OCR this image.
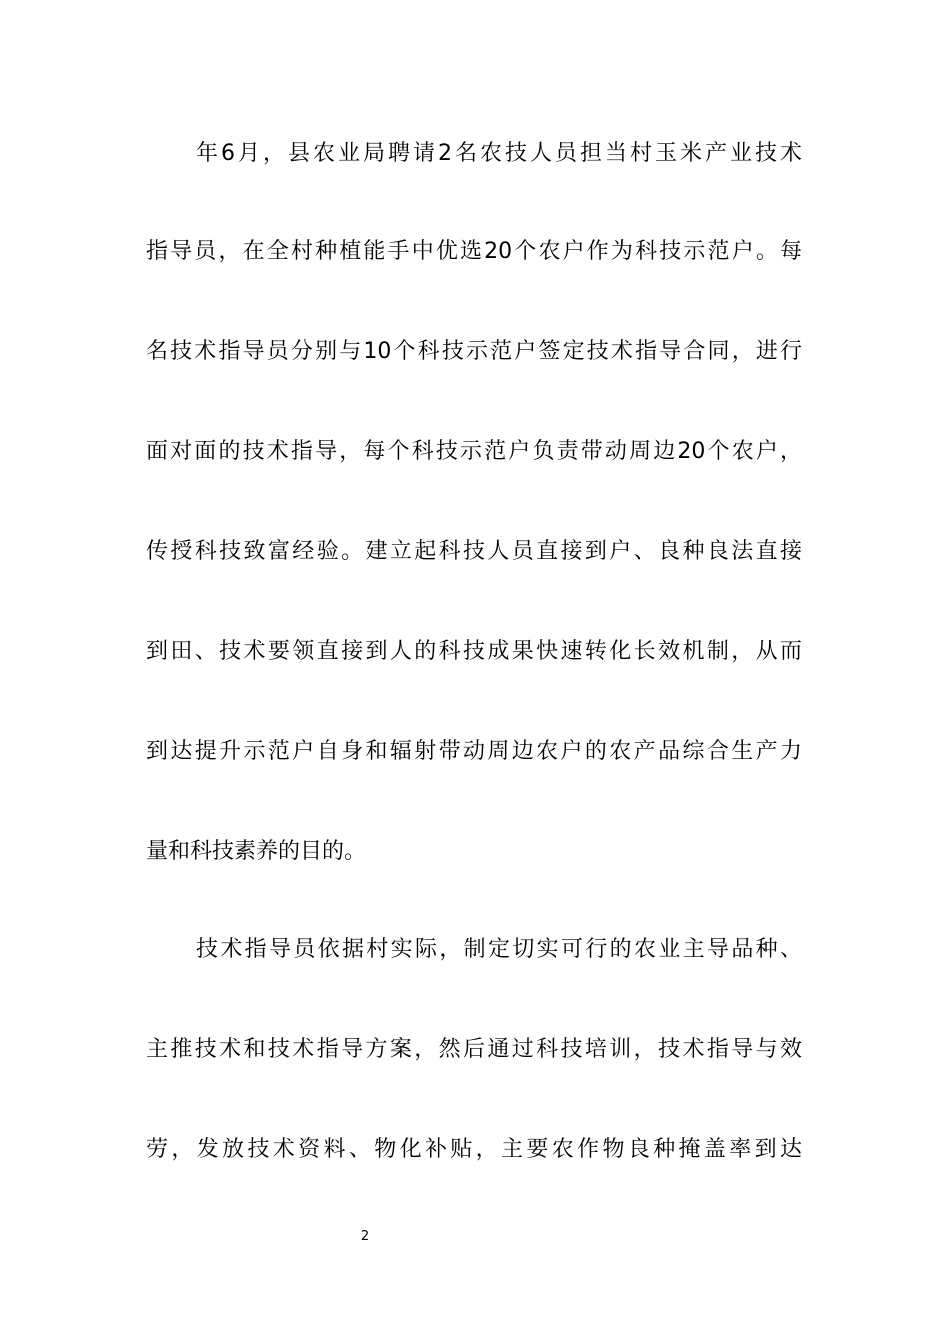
年6月，县农业局聘请2名农技人员担当村玉米产业技术
指导员，在全村种植能手中优选20个农户作为科技示范户。每
名技术指导员分别与10个科技示范户签定技术指导合同，进行
面对面的技术指导，每个科技示范户负责带动周边20个农户，
传授科技致富经验。建立起科技人员直接到户、良种良法直接
到田、技术要领直接到人的科技成果快速转化长效机制，从而
到达提升示范户自身和辐射带动周边农户的农产品综合生产力
量和科技素养的目的。
技术指导员依据村实际，制定切实可行的农业主导品种、
主推技术和技术指导方案，然后通过科技培训，技术指导与效
劳，发放技术资料、物化补贴，主要农作物良种掩盖率到达
2
